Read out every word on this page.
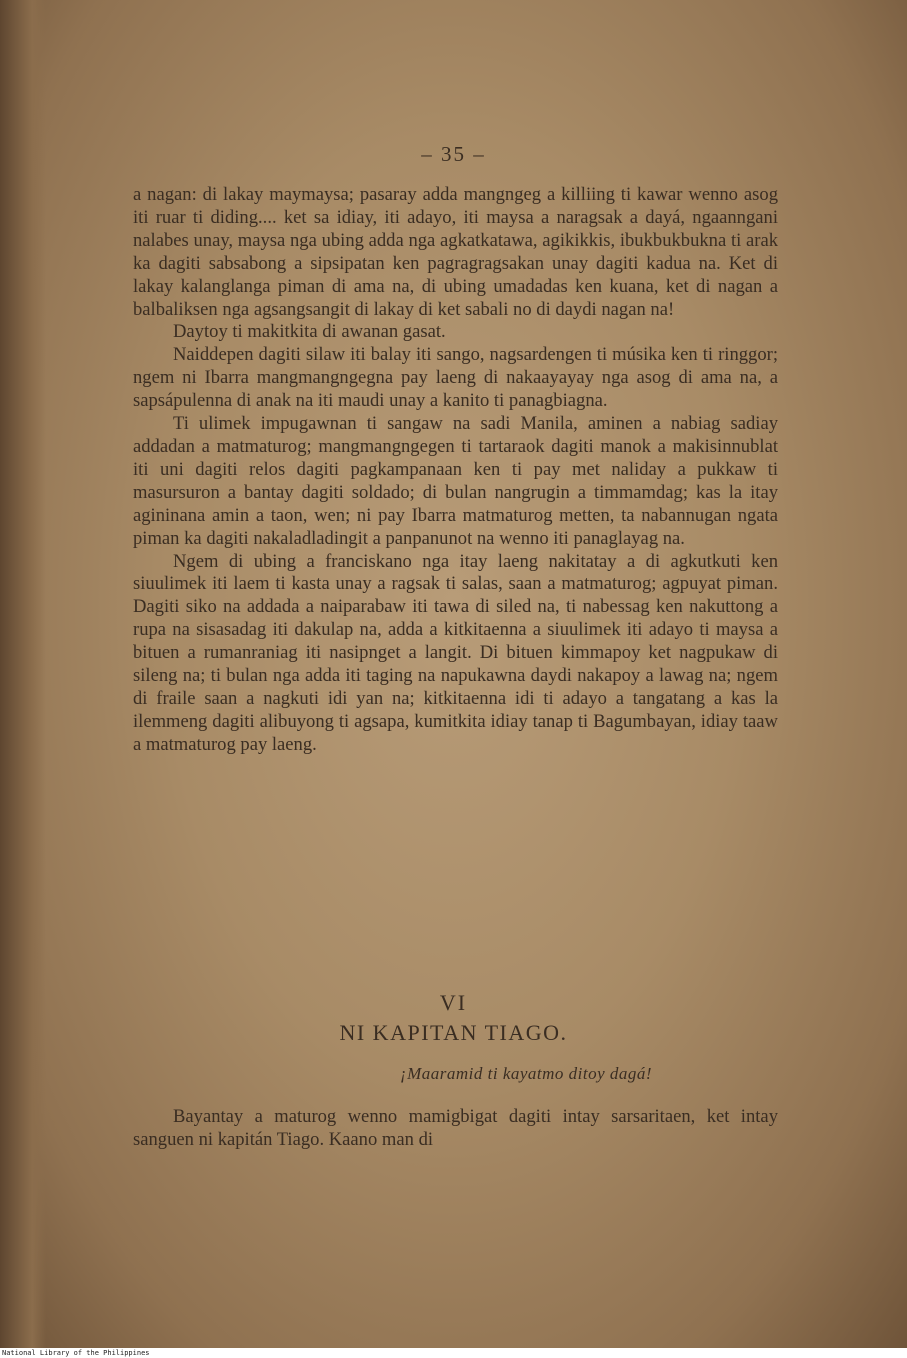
– 35 –

a nagan: di lakay maymaysa; pasaray adda mangngeg a killiing ti kawar wenno asog iti ruar ti diding.... ket sa idiay, iti adayo, iti maysa a naragsak a dayá, ngaanngani nalabes unay, maysa nga ubing adda nga agkatkatawa, agikikkis, ibukbukbukna ti arak ka dagiti sabsabong a sipsipatan ken pagragragsakan unay dagiti kadua na. Ket di lakay kalanglanga piman di ama na, di ubing umadadas ken kuana, ket di nagan a balbaliksen nga agsangsangit di lakay di ket sabali no di daydi nagan na!

Daytoy ti makitkita di awanan gasat.

Naiddepen dagiti silaw iti balay iti sango, nagsardengen ti músika ken ti ringgor; ngem ni Ibarra mangmangngegna pay laeng di nakaayayay nga asog di ama na, a sapsápulenna di anak na iti maudi unay a kanito ti panagbiagna.

Ti ulimek impugawnan ti sangaw na sadi Manila, aminen a nabiag sadiay addadan a matmaturog; mangmangngegen ti tartaraok dagiti manok a makisinnublat iti uni dagiti relos dagiti pagkampanaan ken ti pay met naliday a pukkaw ti masursuron a bantay dagiti soldado; di bulan nangrugin a timmamdag; kas la itay agininana amin a taon, wen; ni pay Ibarra matmaturog metten, ta nabannugan ngata piman ka dagiti nakaladladingit a panpanunot na wenno iti panaglayag na.

Ngem di ubing a franciskano nga itay laeng nakitatay a di agkutkuti ken siuulimek iti laem ti kasta unay a ragsak ti salas, saan a matmaturog; agpuyat piman. Dagiti siko na addada a naiparabaw iti tawa di siled na, ti nabessag ken nakuttong a rupa na sisasadag iti dakulap na, adda a kitkitaenna a siuulimek iti adayo ti maysa a bituen a rumanraniag iti nasipnget a langit. Di bituen kimmapoy ket nagpukaw di sileng na; ti bulan nga adda iti taging na napukawna daydi nakapoy a lawag na; ngem di fraile saan a nagkuti idi yan na; kitkitaenna idi ti adayo a tangatang a kas la ilemmeng dagiti alibuyong ti agsapa, kumitkita idiay tanap ti Bagumbayan, idiay taaw a matmaturog pay laeng.

VI
NI KAPITAN TIAGO.
¡Maaramid ti kayatmo ditoy dagá!

Bayantay a maturog wenno mamigbigat dagiti intay sarsaritaen, ket intay sanguen ni kapitán Tiago. Kaano man di

National Library of the Philippines
